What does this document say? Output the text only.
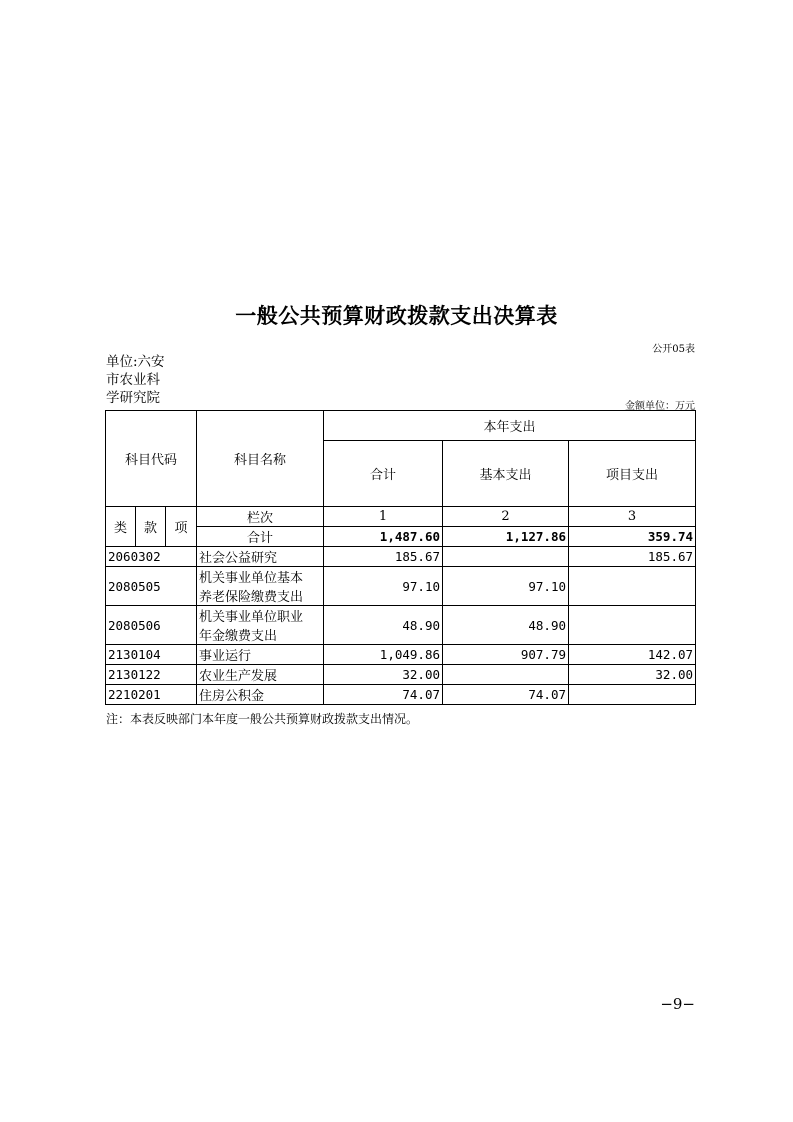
一般公共预算财政拨款支出决算表
公开05表
单位:六安
市农业科
学研究院
金额单位：万元
科目代码			科目名称	本年支出		
				合计	基本支出	项目支出
类	款	项	栏次	1	2	3
			合计	1,487.60	1,127.86	359.74
2060302			社会公益研究	185.67		185.67
2080505			机关事业单位基本
养老保险缴费支出	97.10	97.10	
2080506			机关事业单位职业
年金缴费支出	48.90	48.90	
2130104			事业运行	1,049.86	907.79	142.07
2130122			农业生产发展	32.00		32.00
2210201			住房公积金	74.07	74.07	
注：本表反映部门本年度一般公共预算财政拨款支出情况。
−9−
